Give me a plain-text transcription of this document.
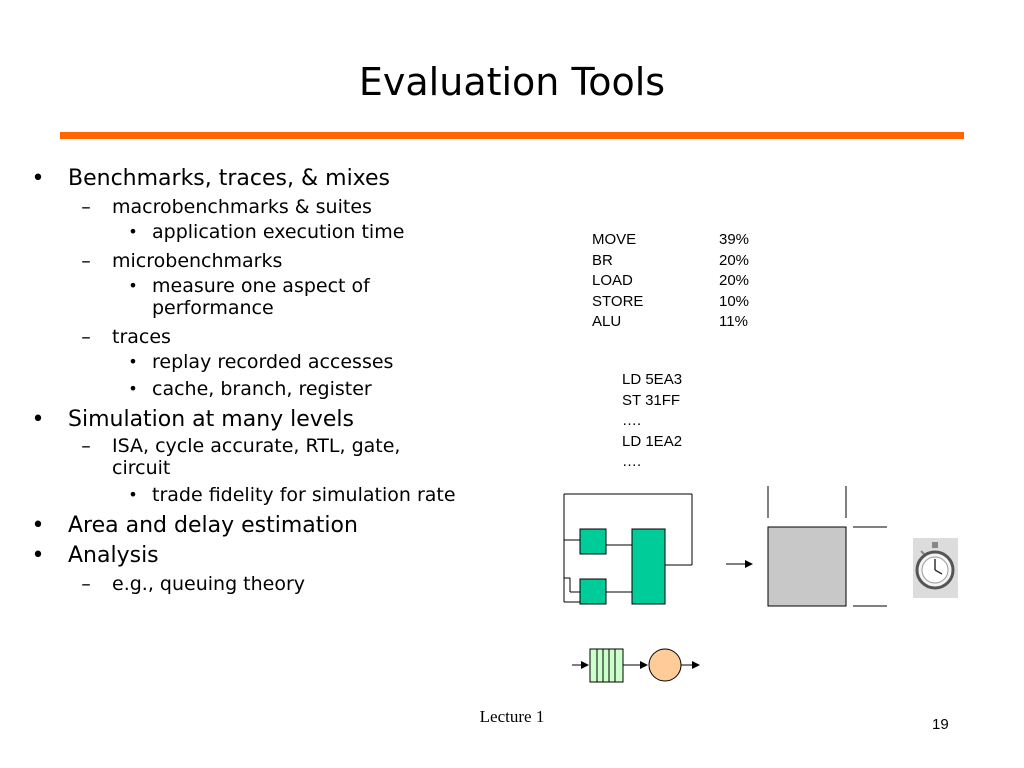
Evaluation Tools
• Benchmarks, traces, & mixes
– macrobenchmarks & suites
• application execution time
– microbenchmarks
• measure one aspect of performance
– traces
• replay recorded accesses
• cache, branch, register
• Simulation at many levels
– ISA, cycle accurate, RTL, gate, circuit
• trade fidelity for simulation rate
• Area and delay estimation
• Analysis
– e.g., queuing theory
MOVE	39%
BR	20%
LOAD	20%
STORE	10%
ALU	11%
LD 5EA3
ST 31FF
….
LD 1EA2
….
Lecture 1	19
